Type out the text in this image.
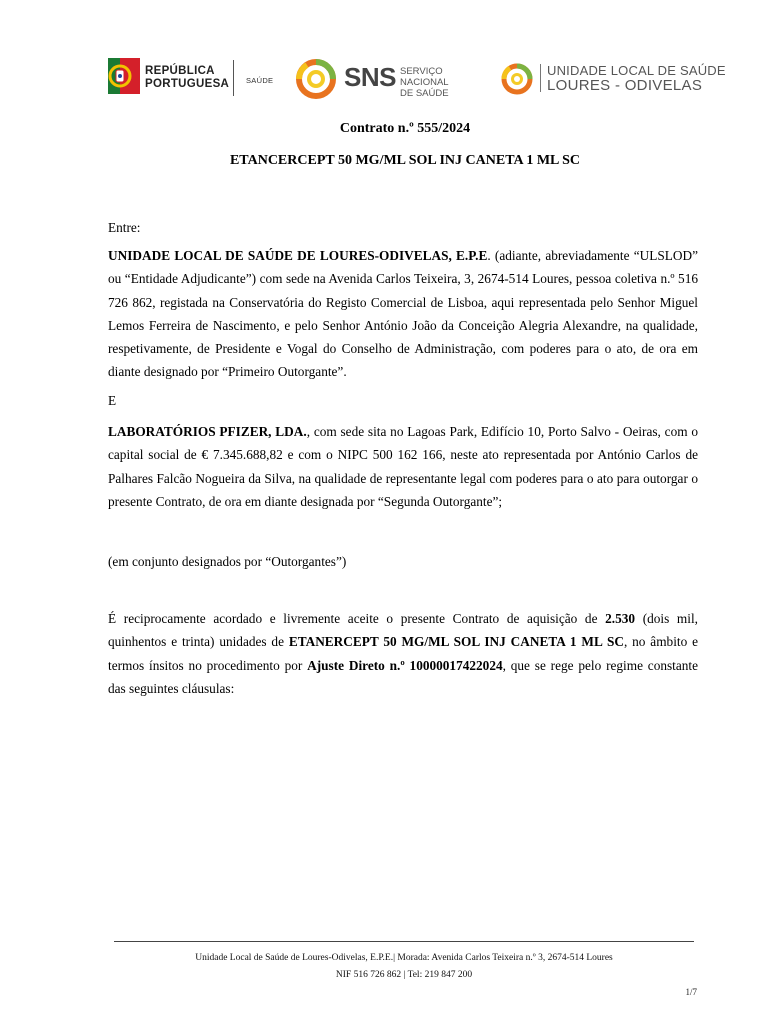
REPÚBLICA
PORTUGUESA SAÚDE	SNS SERVIÇO NACIONAL
DE SAÚDE
UNIDADE LOCAL DE SAÚDE
LOURES - ODIVELAS
Contrato n.º 555/2024
ETANCERCEPT 50 MG/ML SOL INJ CANETA 1 ML SC
Entre:
UNIDADE LOCAL DE SAÚDE DE LOURES-ODIVELAS, E.P.E. (adiante, abreviadamente “ULSLOD” ou “Entidade Adjudicante”) com sede na Avenida Carlos Teixeira, 3, 2674-514 Loures, pessoa coletiva n.º 516 726 862, registada na Conservatória do Registo Comercial de Lisboa, aqui representada pelo Senhor Miguel Lemos Ferreira de Nascimento, e pelo Senhor António João da Conceição Alegria Alexandre, na qualidade, respetivamente, de Presidente e Vogal do Conselho de Administração, com poderes para o ato, de ora em diante designado por “Primeiro Outorgante”.
E
LABORATÓRIOS PFIZER, LDA., com sede sita no Lagoas Park, Edifício 10, Porto Salvo - Oeiras, com o capital social de € 7.345.688,82 e com o NIPC 500 162 166, neste ato representada por António Carlos de Palhares Falcão Nogueira da Silva, na qualidade de representante legal com poderes para o ato para outorgar o presente Contrato, de ora em diante designada por “Segunda Outorgante”;
(em conjunto designados por “Outorgantes”)
É reciprocamente acordado e livremente aceite o presente Contrato de aquisição de 2.530 (dois mil, quinhentos e trinta) unidades de ETANERCEPT 50 MG/ML SOL INJ CANETA 1 ML SC, no âmbito e termos ínsitos no procedimento por Ajuste Direto n.º 10000017422024, que se rege pelo regime constante das seguintes cláusulas:
Unidade Local de Saúde de Loures-Odivelas, E.P.E.| Morada: Avenida Carlos Teixeira n.º 3, 2674-514 Loures
NIF 516 726 862 | Tel: 219 847 200
1/7
